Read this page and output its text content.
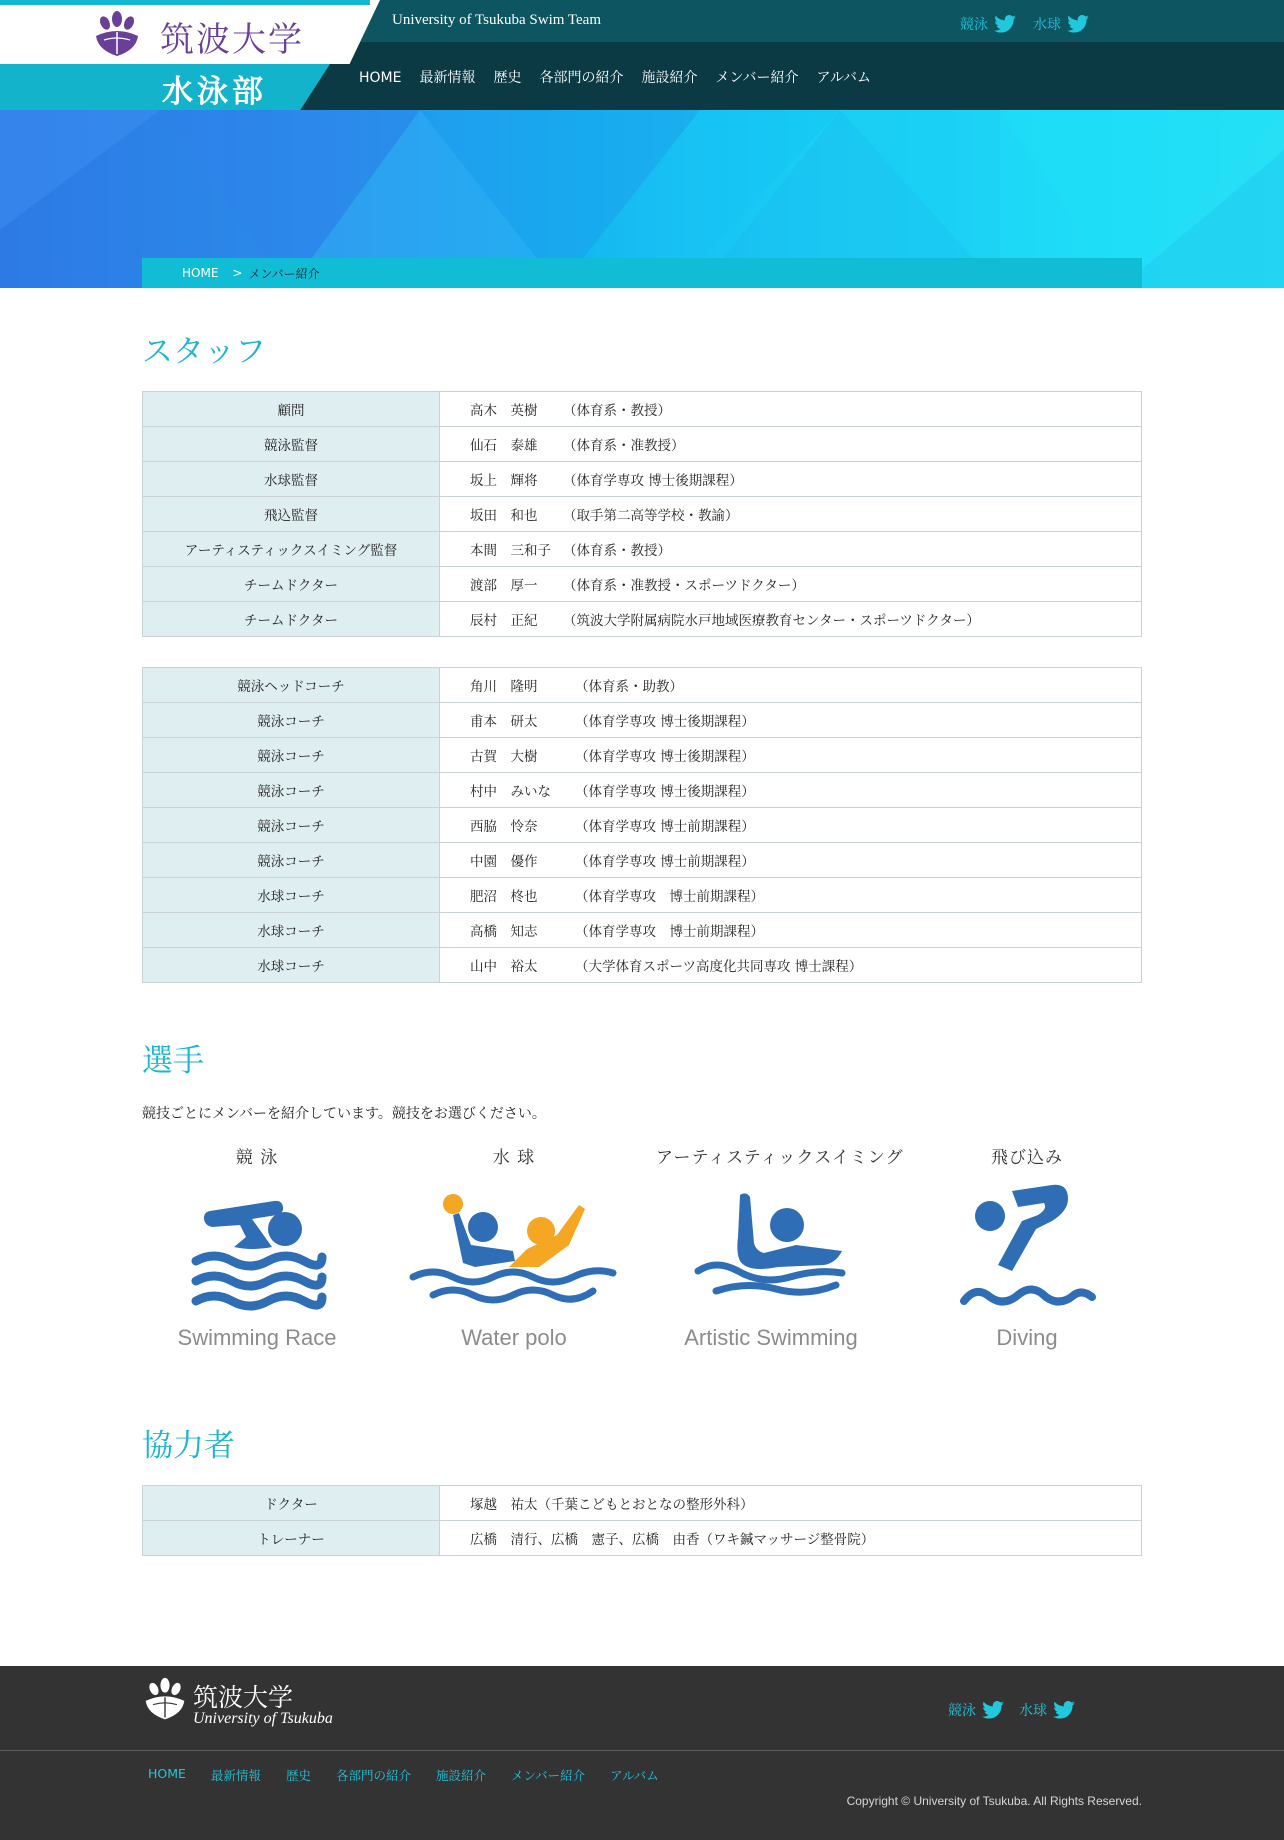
筑波大学
水泳部
University of Tsukuba Swim Team	競泳	水球
HOME	最新情報	歴史	各部門の紹介	施設紹介	メンバー紹介	アルバム
HOME > メンバー紹介
スタッフ
顧問	高木　英樹 （体育系・教授）
競泳監督	仙石　泰雄 （体育系・准教授）
水球監督	坂上　輝将 （体育学専攻 博士後期課程）
飛込監督	坂田　和也 （取手第二高等学校・教諭）
アーティスティックスイミング監督	本間　三和子 （体育系・教授）
チームドクター	渡部　厚一 （体育系・准教授・スポーツドクター）
チームドクター	辰村　正紀 （筑波大学附属病院水戸地域医療教育センター・スポーツドクター）
競泳ヘッドコーチ	角川　隆明 （体育系・助教）
競泳コーチ	甫本　研太 （体育学専攻 博士後期課程）
競泳コーチ	古賀　大樹 （体育学専攻 博士後期課程）
競泳コーチ	村中　みいな （体育学専攻 博士後期課程）
競泳コーチ	西脇　怜奈 （体育学専攻 博士前期課程）
競泳コーチ	中園　優作 （体育学専攻 博士前期課程）
水球コーチ	肥沼　柊也 （体育学専攻　博士前期課程）
水球コーチ	高橋　知志 （体育学専攻　博士前期課程）
水球コーチ	山中　裕太 （大学体育スポーツ高度化共同専攻 博士課程）
選手

競技ごとにメンバーを紹介しています。競技をお選びください。

競 泳
Swimming Race
水 球
Water polo
アーティスティックスイミング
Artistic Swimming
飛び込み
Diving
協力者
ドクター	塚越　祐太（千葉こどもとおとなの整形外科）
トレーナー	広橋　清行、広橋　憲子、広橋　由香（ワキ鍼マッサージ整骨院）
筑波大学
University of Tsukuba	競泳	水球
HOME	最新情報	歴史	各部門の紹介	施設紹介	メンバー紹介	アルバム
Copyright © University of Tsukuba. All Rights Reserved.
